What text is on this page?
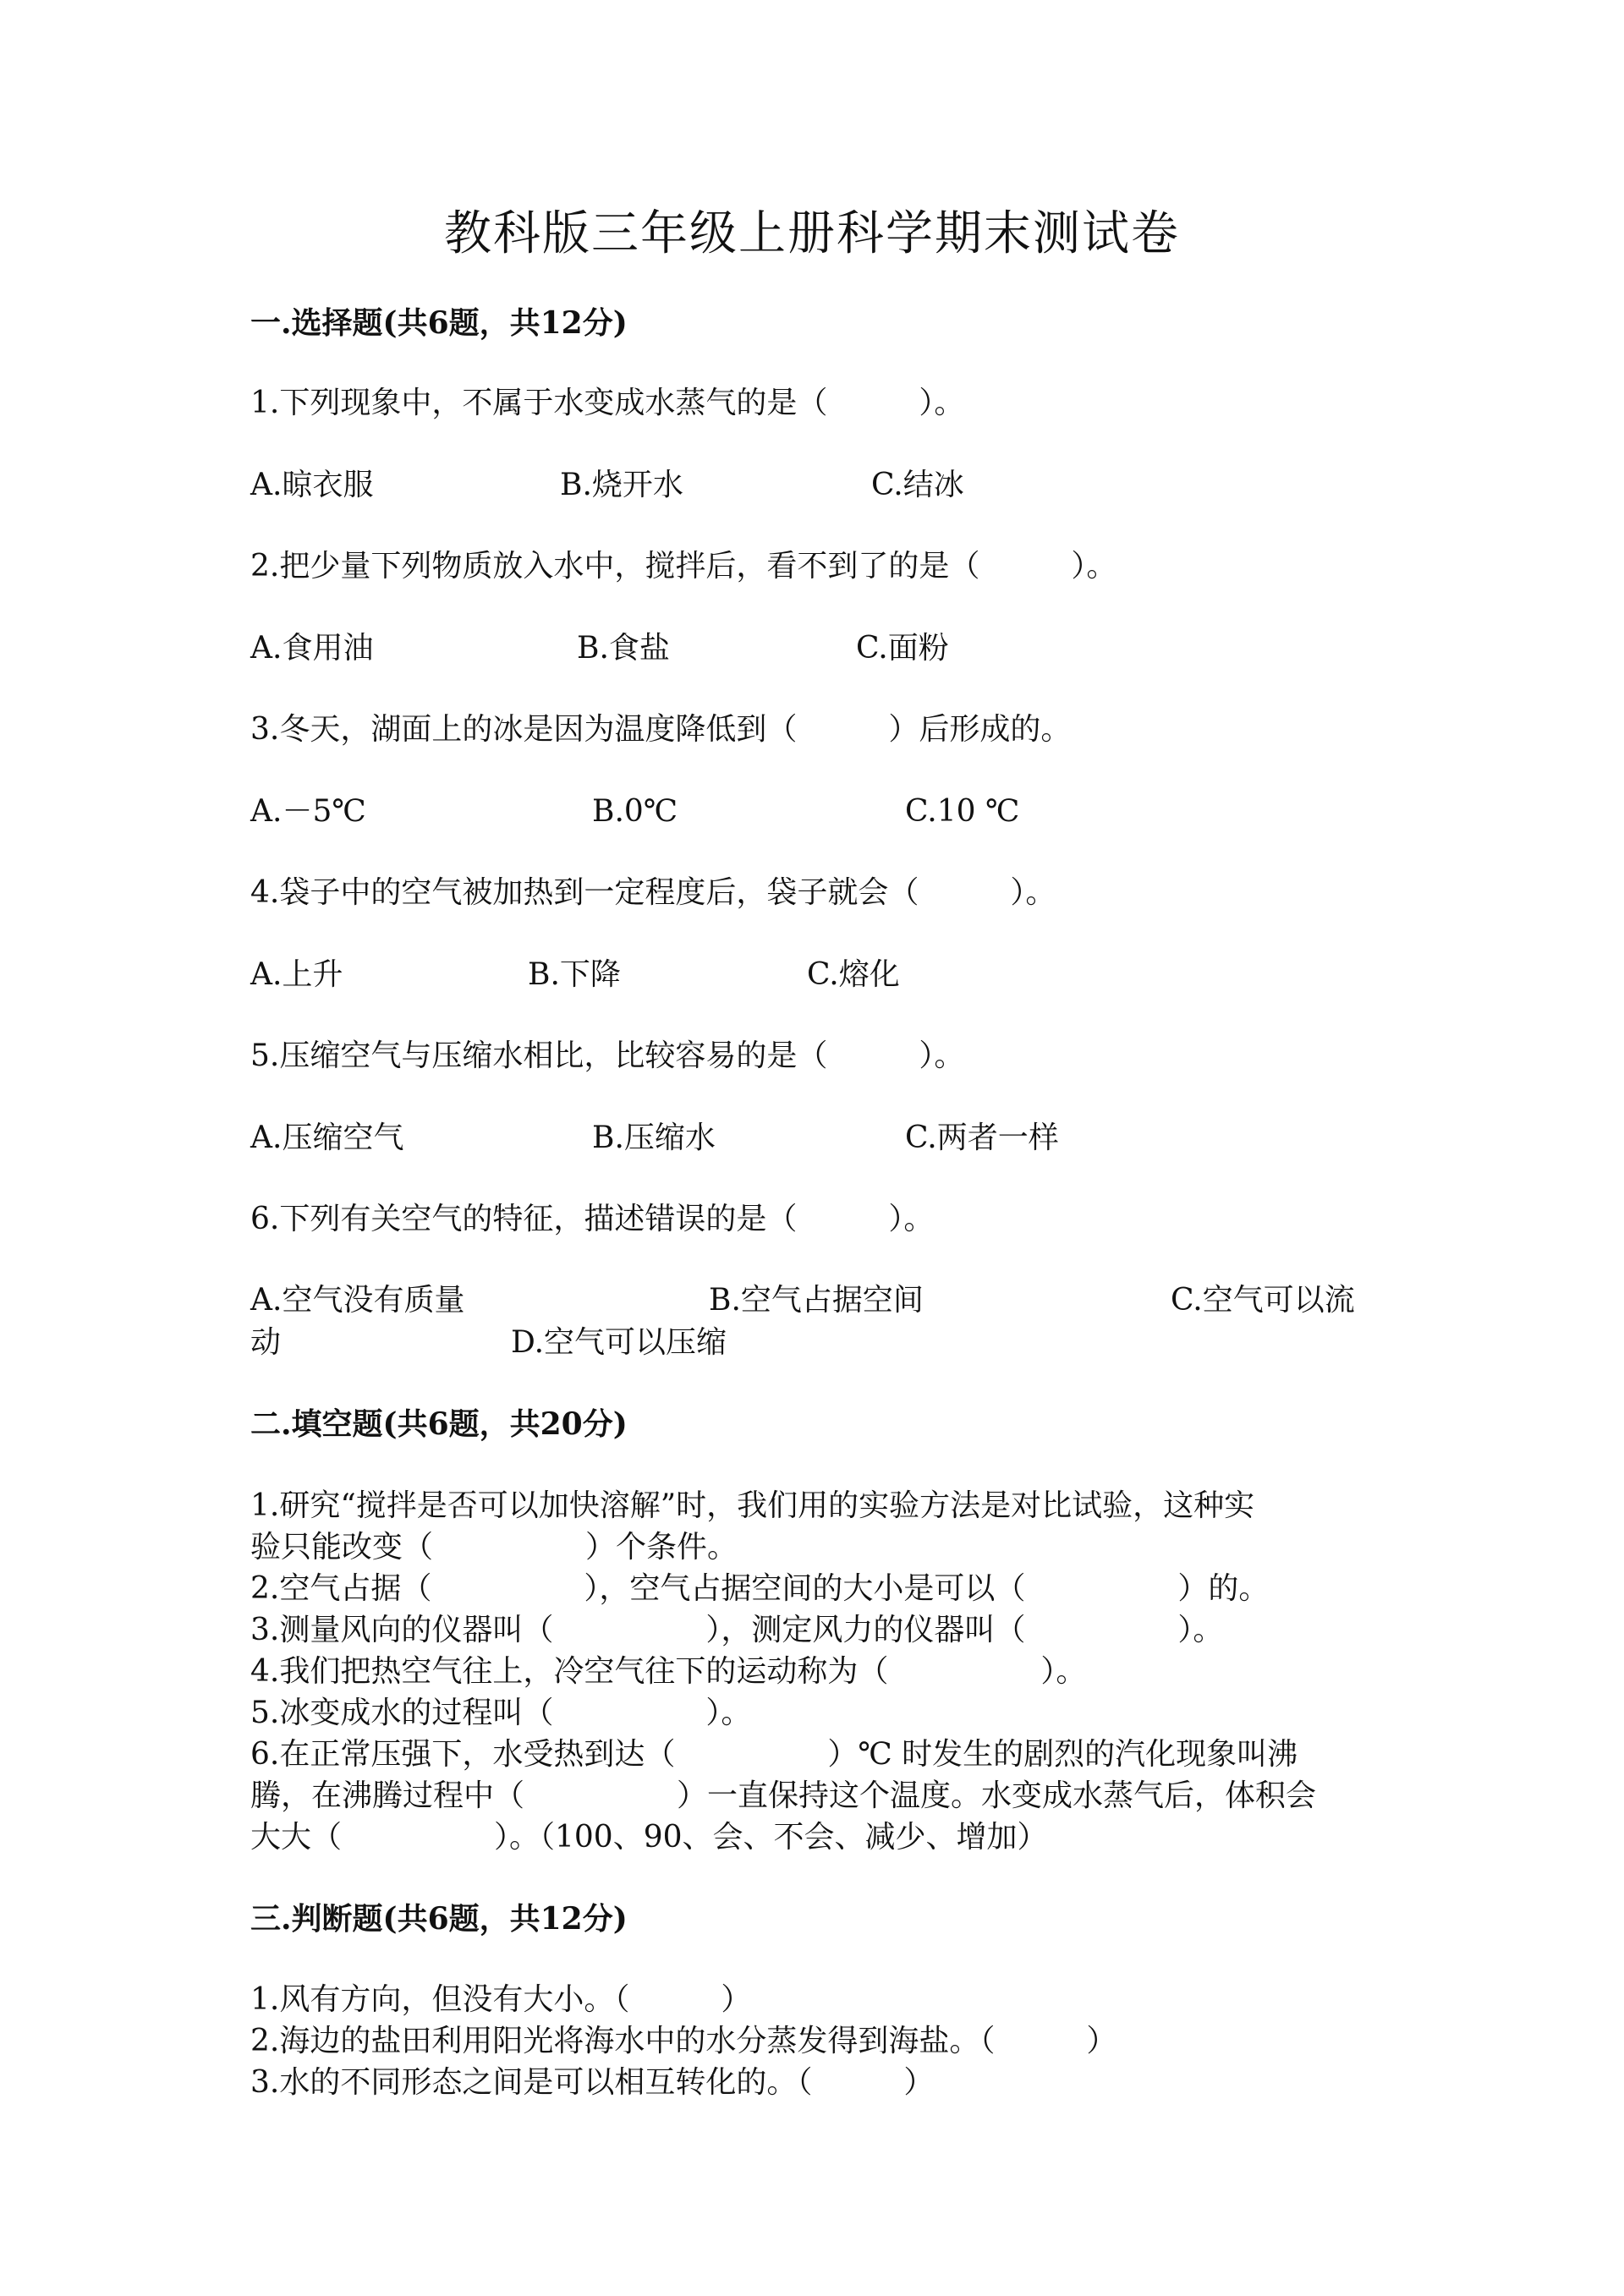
教科版三年级上册科学期末测试卷
一.选择题(共6题，共12分)
1.下列现象中，不属于水变成水蒸气的是（　　　）。
A.晾衣服	B.烧开水	C.结冰
2.把少量下列物质放入水中，搅拌后，看不到了的是（　　　）。
A.食用油	B.食盐	C.面粉
3.冬天，湖面上的冰是因为温度降低到（　　　）后形成的。
A.－5℃	B.0℃	C.10 ℃
4.袋子中的空气被加热到一定程度后，袋子就会（　　　）。
A.上升	B.下降	C.熔化
5.压缩空气与压缩水相比，比较容易的是（　　　）。
A.压缩空气	B.压缩水	C.两者一样
6.下列有关空气的特征，描述错误的是（　　　）。
A.空气没有质量	B.空气占据空间	C.空气可以流
动	D.空气可以压缩
二.填空题(共6题，共20分)
1.研究“搅拌是否可以加快溶解”时，我们用的实验方法是对比试验，这种实
验只能改变（　　　　　）个条件。
2.空气占据（　　　　　），空气占据空间的大小是可以（　　　　　）的。
3.测量风向的仪器叫（　　　　　），测定风力的仪器叫（　　　　　）。
4.我们把热空气往上，冷空气往下的运动称为（　　　　　）。
5.冰变成水的过程叫（　　　　　）。
6.在正常压强下，水受热到达（　　　　　）℃ 时发生的剧烈的汽化现象叫沸
腾，在沸腾过程中（　　　　　）一直保持这个温度。水变成水蒸气后，体积会
大大（　　　　　）。（100、90、会、不会、减少、增加）
三.判断题(共6题，共12分)
1.风有方向，但没有大小。（　　　）
2.海边的盐田利用阳光将海水中的水分蒸发得到海盐。（　　　）
3.水的不同形态之间是可以相互转化的。（　　　）
